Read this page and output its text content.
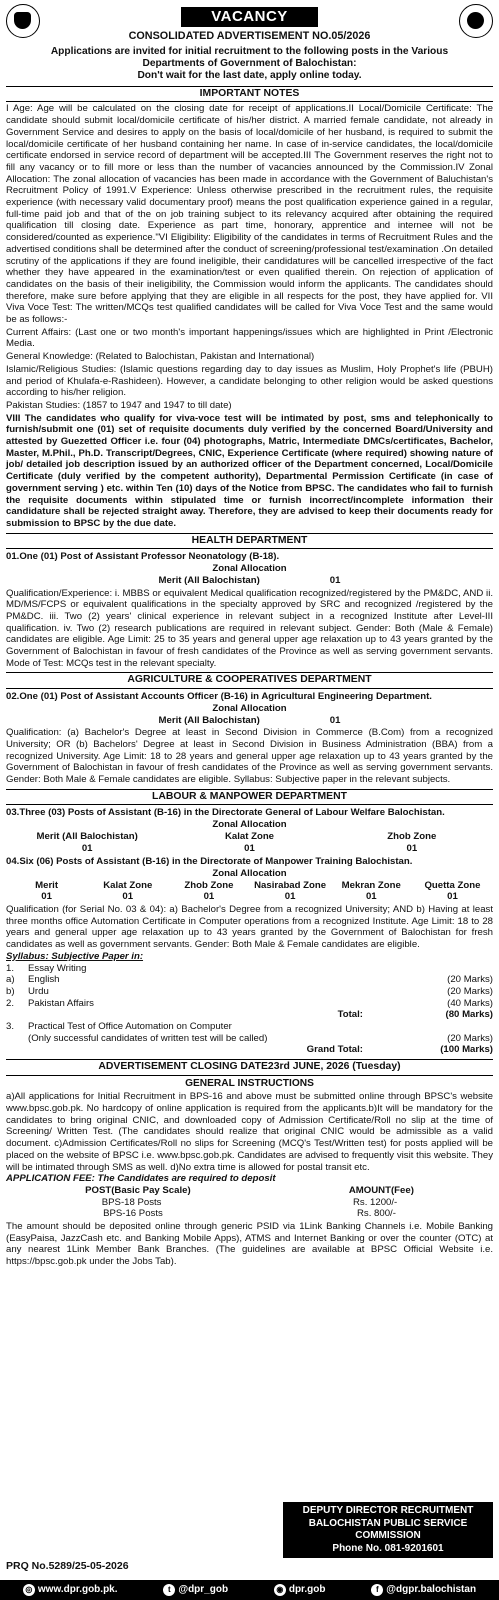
VACANCY
CONSOLIDATED ADVERTISEMENT NO.05/2026
Applications are invited for initial recruitment to the following posts in the Various
Departments of Government of Balochistan:
Don't wait for the last date, apply online today.
IMPORTANT NOTES
I Age: Age will be calculated on the closing date for receipt of applications.II Local/Domicile Certificate: The candidate should submit local/domicile certificate of his/her district. A married female candidate, not already in Government Service and desires to apply on the basis of local/domicile of her husband, is required to submit the local/domicile certificate of her husband containing her name. In case of in-service candidates, the local/domicile certificate endorsed in service record of department will be accepted.III The Government reserves the right not to fill any vacancy or to fill more or less than the number of vacancies announced by the Commission.IV Zonal Allocation: The zonal allocation of vacancies has been made in accordance with the Government of Baluchistan's Recruitment Policy of 1991.V Experience: Unless otherwise prescribed in the recruitment rules, the requisite experience (with necessary valid documentary proof) means the post qualification experience gained in a regular, full-time paid job and that of the on job training subject to its relevancy acquired after obtaining the required qualification till closing date. Experience as part time, honorary, apprentice and internee will not be considered/counted as experience."VI Eligibility: Eligibility of the candidates in terms of Recruitment Rules and the advertised conditions shall be determined after the conduct of screening/professional test/examination .On detailed scrutiny of the applications if they are found ineligible, their candidatures will be cancelled irrespective of the fact whether they have appeared in the examination/test or even qualified therein. On rejection of application of candidates on the basis of their ineligibility, the Commission would inform the applicants. The candidates should therefore, make sure before applying that they are eligible in all respects for the post, they have applied for. VII Viva Voce Test: The written/MCQs test qualified candidates will be called for Viva Voce Test and the same would be as follows:-
Current Affairs: (Last one or two month's important happenings/issues which are highlighted in Print /Electronic Media.
General Knowledge: (Related to Balochistan, Pakistan and International)
Islamic/Religious Studies: (Islamic questions regarding day to day issues as Muslim, Holy Prophet's life (PBUH) and period of Khulafa-e-Rashideen). However, a candidate belonging to other religion would be asked questions according to his/her religion.
Pakistan Studies: (1857 to 1947 and 1947 to till date)
VIII The candidates who qualify for viva-voce test will be intimated by post, sms and telephonically to furnish/submit one (01) set of requisite documents duly verified by the concerned Board/University and attested by Guezetted Officer i.e. four (04) photographs, Matric, Intermediate DMCs/certificates, Bachelor, Master, M.Phil., Ph.D. Transcript/Degrees, CNIC, Experience Certificate (where required) showing nature of job/ detailed job description issued by an authorized officer of the Department concerned, Local/Domicile Certificate (duly verified by the competent authority), Departmental Permission Certificate (in case of government serving ) etc. within Ten (10) days of the Notice from BPSC. The candidates who fail to furnish the requisite documents within stipulated time or furnish incorrect/incomplete information their candidature shall be rejected straight away. Therefore, they are advised to keep their documents ready for submission to BPSC by the due date.
HEALTH DEPARTMENT
01.One (01) Post of Assistant Professor Neonatology (B-18).
Zonal Allocation
Merit (All Balochistan)	01
Qualification/Experience: i. MBBS or equivalent Medical qualification recognized/registered by the PM&DC, AND ii. MD/MS/FCPS or equivalent qualifications in the specialty approved by SRC and recognized /registered by the PM&DC. iii. Two (2) years' clinical experience in relevant subject in a recognized Institute after Level-III qualification. iv. Two (2) research publications are required in relevant subject. Gender: Both (Male & Female) candidates are eligible. Age Limit: 25 to 35 years and general upper age relaxation up to 43 years granted by the Government of Balochistan in favour of fresh candidates of the Province as well as serving government servants. Mode of Test: MCQs test in the relevant specialty.
AGRICULTURE & COOPERATIVES DEPARTMENT
02.One (01) Post of Assistant Accounts Officer (B-16) in Agricultural Engineering Department.
Zonal Allocation
Merit (All Balochistan)	01
Qualification: (a) Bachelor's Degree at least in Second Division in Commerce (B.Com) from a recognized University; OR (b) Bachelors' Degree at least in Second Division in Business Administration (BBA) from a recognized University. Age Limit: 18 to 28 years and general upper age relaxation up to 43 years granted by the Government of Balochistan in favour of fresh candidates of the Province as well as serving government servants. Gender: Both Male & Female candidates are eligible. Syllabus: Subjective paper in the relevant subjects.
LABOUR & MANPOWER DEPARTMENT
03.Three (03) Posts of Assistant (B-16) in the Directorate General of Labour Welfare Balochistan.
Zonal Allocation
Merit (All Balochistan)	Kalat Zone	Zhob Zone
01	01	01
04.Six (06) Posts of Assistant (B-16) in the Directorate of Manpower Training Balochistan.
Zonal Allocation
Merit	Kalat Zone	Zhob Zone	Nasirabad Zone	Mekran Zone	Quetta Zone
01	01	01	01	01	01
Qualification (for Serial No. 03 & 04): a) Bachelor's Degree from a recognized University; AND b) Having at least three months office Automation Certificate in Computer operations from a recognized Institute. Age Limit: 18 to 28 years and general upper age relaxation up to 43 years granted by the Government of Balochistan for fresh candidates as well as government servants. Gender: Both Male & Female candidates are eligible.
Syllabus: Subjective Paper in:
1.	Essay Writing	
a)	English	(20 Marks)
b)	Urdu	(20 Marks)
2.	Pakistan Affairs	(40 Marks)
	Total:	(80 Marks)
3.	Practical Test of Office Automation on Computer	
	(Only successful candidates of written test will be called)	(20 Marks)
	Grand Total:	(100 Marks)
ADVERTISEMENT CLOSING DATE23rd JUNE, 2026 (Tuesday)
GENERAL INSTRUCTIONS
a)All applications for Initial Recruitment in BPS-16 and above must be submitted online through BPSC's website www.bpsc.gob.pk. No hardcopy of online application is required from the applicants.b)It will be mandatory for the candidates to bring original CNIC, and downloaded copy of Admission Certificate/Roll no slip at the time of Screening/ Written Test. (The candidates should realize that original CNIC would be admissible as a valid document. c)Admission Certificates/Roll no slips for Screening (MCQ's Test/Written test) for posts applied will be placed on the website of BPSC i.e. www.bpsc.gob.pk. Candidates are advised to frequently visit this website. They will be intimated through SMS as well. d)No extra time is allowed for postal transit etc.
APPLICATION FEE: The Candidates are required to deposit
POST(Basic Pay Scale)	AMOUNT(Fee)
BPS-18 Posts	Rs. 1200/-
BPS-16 Posts	Rs. 800/-
The amount should be deposited online through generic PSID via 1Link Banking Channels i.e. Mobile Banking (EasyPaisa, JazzCash etc. and Banking Mobile Apps), ATMS and Internet Banking or over the counter (OTC) at any nearest 1Link Member Bank Branches. (The guidelines are available at BPSC Official Website i.e. https://bpsc.gob.pk under the Jobs Tab).
DEPUTY DIRECTOR RECRUITMENT
BALOCHISTAN PUBLIC SERVICE
COMMISSION
Phone No. 081-9201601
PRQ No.5289/25-05-2026
◎ www.dpr.gob.pk.	t @dpr_gob	◉ dpr.gob	f @dgpr.balochistan
